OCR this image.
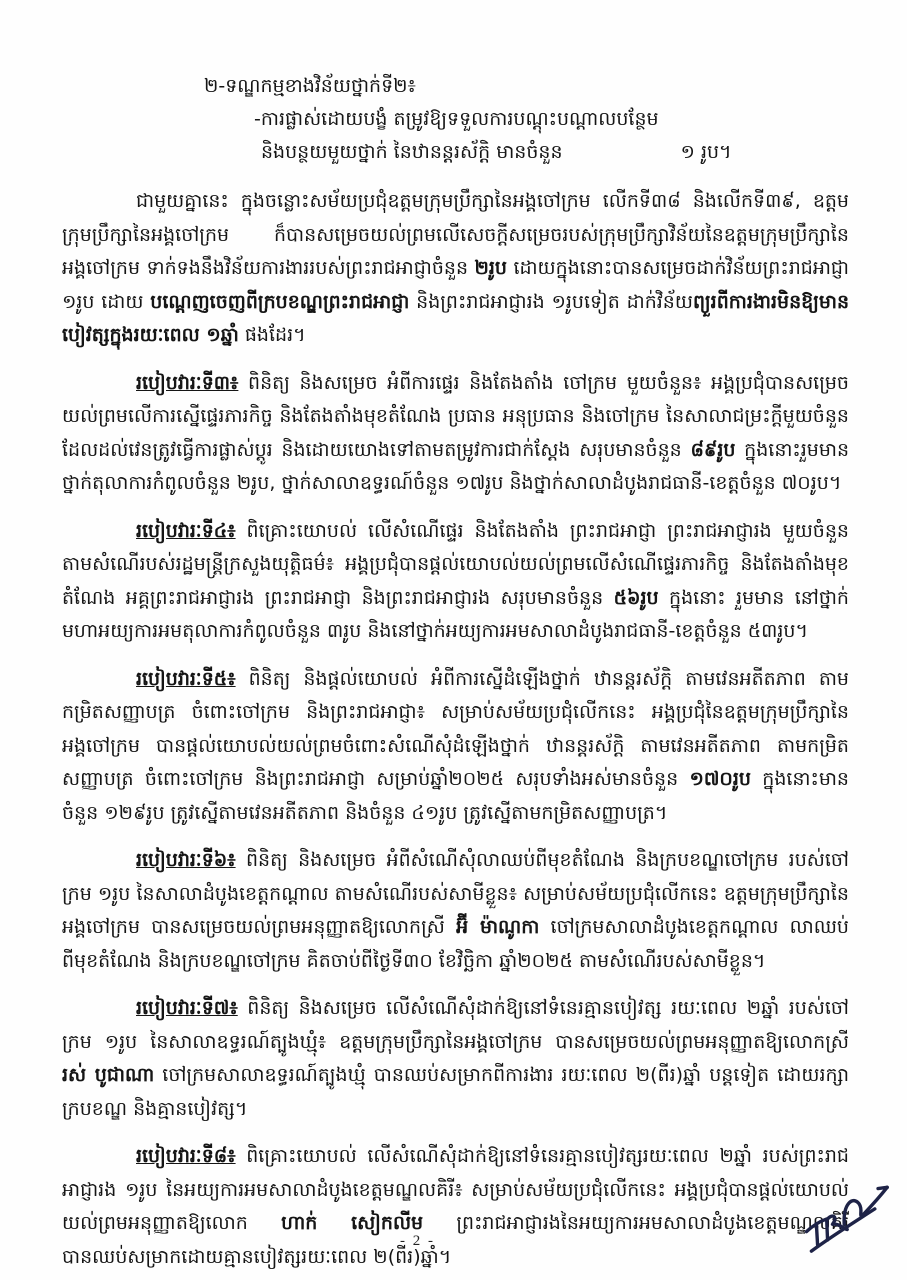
២-ទណ្ឌកម្មខាងវិន័យថ្នាក់ទី២៖
-ការផ្លាស់ដោយបង្ខំ តម្រូវឱ្យទទួលការបណ្តុះបណ្តាលបន្ថែម
និងបន្ថយមួយថ្នាក់ នៃឋានន្តរស័ក្តិ មានចំនួន	១ រូប។

ជាមួយគ្នានេះ ក្នុងចន្លោះសម័យប្រជុំឧត្តមក្រុមប្រឹក្សានៃអង្គចៅក្រម លើកទី៣៨ និងលើកទី៣៩, ឧត្តមក្រុមប្រឹក្សានៃអង្គចៅក្រម ក៏បានសម្រេចយល់ព្រមលើសេចក្តីសម្រេចរបស់ក្រុមប្រឹក្សាវិន័យនៃឧត្តមក្រុមប្រឹក្សានៃអង្គចៅក្រម ទាក់ទងនឹងវិន័យការងាររបស់ព្រះរាជអាជ្ញាចំនួន ២រូប ដោយក្នុងនោះបានសម្រេចដាក់វិន័យព្រះរាជអាជ្ញា ១រូប ដោយ បណ្តេញចេញពីក្របខណ្ឌព្រះរាជអាជ្ញា និងព្រះរាជអាជ្ញារង ១រូបទៀត ដាក់វិន័យព្យួរពីការងារមិនឱ្យមានបៀវត្សក្នុងរយៈពេល ១ឆ្នាំ ផងដែរ។

របៀបវារៈទី៣៖ ពិនិត្យ និងសម្រេច អំពីការផ្ទេរ និងតែងតាំង ចៅក្រម មួយចំនួន៖ អង្គប្រជុំបានសម្រេចយល់ព្រមលើការស្នើផ្ទេរភារកិច្ច និងតែងតាំងមុខតំណែង ប្រធាន អនុប្រធាន និងចៅក្រម នៃសាលាជម្រះក្តីមួយចំនួនដែលដល់វេនត្រូវធ្វើការផ្លាស់ប្តូរ និងដោយយោងទៅតាមតម្រូវការជាក់ស្តែង សរុបមានចំនួន ៨៩រូប ក្នុងនោះរួមមាន ថ្នាក់តុលាការកំពូលចំនួន ២រូប, ថ្នាក់សាលាឧទ្ធរណ៍ចំនួន ១៧រូប និងថ្នាក់សាលាដំបូងរាជធានី-ខេត្តចំនួន ៧០រូប។

របៀបវារៈទី៤៖ ពិគ្រោះយោបល់ លើសំណើផ្ទេរ និងតែងតាំង ព្រះរាជអាជ្ញា ព្រះរាជអាជ្ញារង មួយចំនួន តាមសំណើរបស់រដ្ឋមន្ត្រីក្រសួងយុត្តិធម៌៖ អង្គប្រជុំបានផ្តល់យោបល់យល់ព្រមលើសំណើផ្ទេរភារកិច្ច និងតែងតាំងមុខតំណែង អគ្គព្រះរាជអាជ្ញារង ព្រះរាជអាជ្ញា និងព្រះរាជអាជ្ញារង សរុបមានចំនួន ៥៦រូប ក្នុងនោះ រួមមាន នៅថ្នាក់មហាអយ្យការអមតុលាការកំពូលចំនួន ៣រូប និងនៅថ្នាក់អយ្យការអមសាលាដំបូងរាជធានី-ខេត្តចំនួន ៥៣រូប។

របៀបវារៈទី៥៖ ពិនិត្យ និងផ្តល់យោបល់ អំពីការស្នើដំឡើងថ្នាក់ ឋានន្តរស័ក្តិ តាមវេនអតីតភាព តាមកម្រិតសញ្ញាបត្រ ចំពោះចៅក្រម និងព្រះរាជអាជ្ញា៖ សម្រាប់សម័យប្រជុំលើកនេះ អង្គប្រជុំនៃឧត្តមក្រុមប្រឹក្សានៃអង្គចៅក្រម បានផ្តល់យោបល់យល់ព្រមចំពោះសំណើសុំដំឡើងថ្នាក់ ឋានន្តរស័ក្តិ តាមវេនអតីតភាព តាមកម្រិតសញ្ញាបត្រ ចំពោះចៅក្រម និងព្រះរាជអាជ្ញា សម្រាប់ឆ្នាំ២០២៥ សរុបទាំងអស់មានចំនួន ១៧០រូប ក្នុងនោះមានចំនួន ១២៩រូប ត្រូវស្នើតាមវេនអតីតភាព និងចំនួន ៤១រូប ត្រូវស្នើតាមកម្រិតសញ្ញាបត្រ។

របៀបវារៈទី៦៖ ពិនិត្យ និងសម្រេច អំពីសំណើសុំលាឈប់ពីមុខតំណែង និងក្របខណ្ឌចៅក្រម របស់ចៅក្រម ១រូប នៃសាលាដំបូងខេត្តកណ្តាល តាមសំណើរបស់សាមីខ្លួន៖ សម្រាប់សម័យប្រជុំលើកនេះ ឧត្តមក្រុមប្រឹក្សានៃអង្គចៅក្រម បានសម្រេចយល់ព្រមអនុញ្ញាតឱ្យលោកស្រី អ៊ី ម៉ាណូកា ចៅក្រមសាលាដំបូងខេត្តកណ្តាល លាឈប់ពីមុខតំណែង និងក្របខណ្ឌចៅក្រម គិតចាប់ពីថ្ងៃទី៣០ ខែវិច្ឆិកា ឆ្នាំ២០២៥ តាមសំណើរបស់សាមីខ្លួន។

របៀបវារៈទី៧៖ ពិនិត្យ និងសម្រេច លើសំណើសុំដាក់ឱ្យនៅទំនេរគ្មានបៀវត្ស រយៈពេល ២ឆ្នាំ របស់ចៅក្រម ១រូប នៃសាលាឧទ្ធរណ៍ត្បូងឃ្មុំ៖ ឧត្តមក្រុមប្រឹក្សានៃអង្គចៅក្រម បានសម្រេចយល់ព្រមអនុញ្ញាតឱ្យលោកស្រី រស់ បូជាណា ចៅក្រមសាលាឧទ្ធរណ៍ត្បូងឃ្មុំ បានឈប់សម្រាកពីការងារ រយៈពេល ២(ពីរ)ឆ្នាំ បន្តទៀត ដោយរក្សាក្របខណ្ឌ និងគ្មានបៀវត្ស។

របៀបវារៈទី៨៖ ពិគ្រោះយោបល់ លើសំណើសុំដាក់ឱ្យនៅទំនេរគ្មានបៀវត្សរយៈពេល ២ឆ្នាំ របស់ព្រះរាជអាជ្ញារង ១រូប នៃអយ្យការអមសាលាដំបូងខេត្តមណ្ឌលគិរី៖ សម្រាប់សម័យប្រជុំលើកនេះ អង្គប្រជុំបានផ្តល់យោបល់យល់ព្រមអនុញ្ញាតឱ្យលោក ហាក់ សៀកលីម ព្រះរាជអាជ្ញារងនៃអយ្យការអមសាលាដំបូងខេត្តមណ្ឌលគិរី បានឈប់សម្រាកដោយគ្មានបៀវត្សរយៈពេល ២(ពីរ)ឆ្នាំ។

- 2 -
